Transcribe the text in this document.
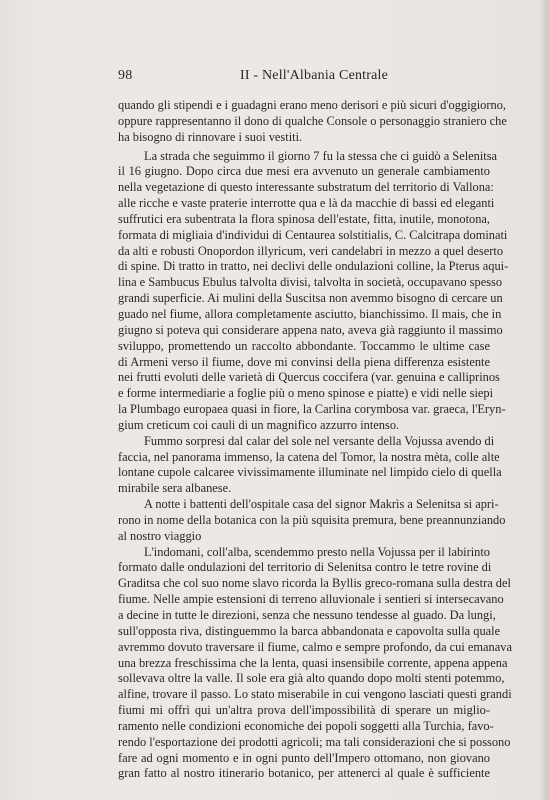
98	II - Nell'Albania Centrale
quando gli stipendi e i guadagni erano meno derisori e più sicuri d'oggigiorno,
oppure rappresentanno il dono di qualche Console o personaggio straniero che
ha bisogno di rinnovare i suoi vestiti.
La strada che seguimmo il giorno 7 fu la stessa che ci guidò a Selenitsa
il 16 giugno. Dopo circa due mesi era avvenuto un generale cambiamento
nella vegetazione di questo interessante substratum del territorio di Vallona:
alle ricche e vaste praterie interrotte qua e là da macchie di bassi ed eleganti
suffrutici era subentrata la flora spinosa dell'estate, fitta, inutile, monotona,
formata di migliaia d'individui di Centaurea solstitialis, C. Calcitrapa dominati
da alti e robusti Onopordon illyricum, veri candelabri in mezzo a quel deserto
di spine. Di tratto in tratto, nei declivi delle ondulazioni colline, la Pterus aqui-
lina e Sambucus Ebulus talvolta divisi, talvolta in società, occupavano spesso
grandi superficie. Ai mulini della Suscitsa non avemmo bisogno di cercare un
guado nel fiume, allora completamente asciutto, bianchissimo. Il mais, che in
giugno si poteva qui considerare appena nato, aveva già raggiunto il massimo
sviluppo, promettendo un raccolto abbondante. Toccammo le ultime case
di Armeni verso il fiume, dove mi convinsi della piena differenza esistente
nei frutti evoluti delle varietà di Quercus coccifera (var. genuina e calliprinos
e forme intermediarie a foglie più o meno spinose e piatte) e vidi nelle siepi
la Plumbago europaea quasi in fiore, la Carlina corymbosa var. graeca, l'Eryn-
gium creticum coi cauli di un magnifico azzurro intenso.
Fummo sorpresi dal calar del sole nel versante della Vojussa avendo di
faccia, nel panorama immenso, la catena del Tomor, la nostra mèta, colle alte
lontane cupole calcaree vivissimamente illuminate nel limpido cielo di quella
mirabile sera albanese.
A notte i battenti dell'ospitale casa del signor Makrìs a Selenitsa si apri-
rono in nome della botanica con la più squisita premura, bene preannunziando
al nostro viaggio
L'indomani, coll'alba, scendemmo presto nella Vojussa per il labirinto
formato dalle ondulazioni del territorio di Selenitsa contro le tetre rovine di
Graditsa che col suo nome slavo ricorda la Byllis greco-romana sulla destra del
fiume. Nelle ampie estensioni di terreno alluvionale i sentieri si intersecavano
a decine in tutte le direzioni, senza che nessuno tendesse al guado. Da lungi,
sull'opposta riva, distinguemmo la barca abbandonata e capovolta sulla quale
avremmo dovuto traversare il fiume, calmo e sempre profondo, da cui emanava
una brezza freschissima che la lenta, quasi insensibile corrente, appena appena
sollevava oltre la valle. Il sole era già alto quando dopo molti stenti potemmo,
alfine, trovare il passo. Lo stato miserabile in cui vengono lasciati questi grandi
fiumi mi offrì qui un'altra prova dell'impossibilità di sperare un miglio-
ramento nelle condizioni economiche dei popoli soggetti alla Turchia, favo-
rendo l'esportazione dei prodotti agricoli; ma tali considerazioni che si possono
fare ad ogni momento e in ogni punto dell'Impero ottomano, non giovano
gran fatto al nostro itinerario botanico, per attenerci al quale è sufficiente
